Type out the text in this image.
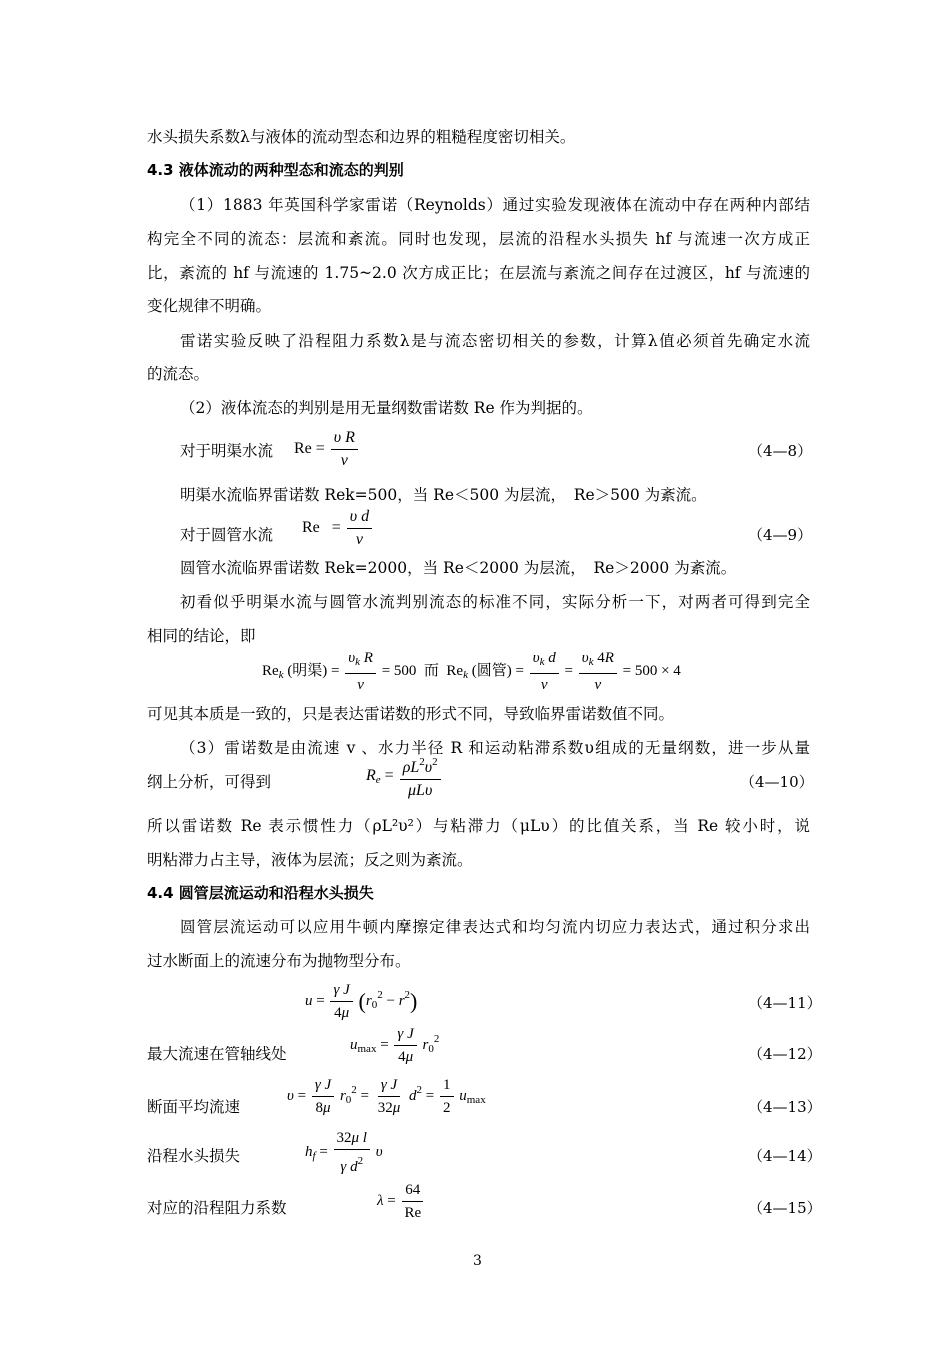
水头损失系数λ与液体的流动型态和边界的粗糙程度密切相关。
4.3 液体流动的两种型态和流态的判别
（1）1883 年英国科学家雷诺（Reynolds）通过实验发现液体在流动中存在两种内部结
构完全不同的流态：层流和紊流。同时也发现，层流的沿程水头损失 hf 与流速一次方成正
比，紊流的 hf 与流速的 1.75~2.0 次方成正比；在层流与紊流之间存在过渡区，hf 与流速的
变化规律不明确。
雷诺实验反映了沿程阻力系数λ是与流态密切相关的参数，计算λ值必须首先确定水流
的流态。
（2）液体流态的判别是用无量纲数雷诺数 Re 作为判据的。
对于明渠水流 $Re = \frac{\text{υ R}}{v}$	（4—8）
明渠水流临界雷诺数 Rek=500，当 Re＜500 为层流，　Re＞500 为紊流。
对于圆管水流 $Re = \frac{\text{υ d}}{v}$	（4—9）
圆管水流临界雷诺数 Rek=2000，当 Re＜2000 为层流，　Re＞2000 为紊流。
初看似乎明渠水流与圆管水流判别流态的标准不同，实际分析一下，对两者可得到完全
相同的结论，即
$Re_k$ (明渠) = $\frac{\upsilon_k R}{v} = 500$  而  $Re_k$ (圆管) = $\frac{\upsilon_k d}{v} = \frac{\upsilon_k 4R}{v} = 500 \times 4$
可见其本质是一致的，只是表达雷诺数的形式不同，导致临界雷诺数值不同。
（3）雷诺数是由流速 v 、水力半径 R 和运动粘滞系数υ组成的无量纲数，进一步从量
纲上分析，可得到	$R_e = \frac{\rho L^2\upsilon^2}{\text{μLυ}}$	（4—10）
所以雷诺数 Re 表示惯性力（ρL²υ²）与粘滞力（μLυ）的比值关系，当 Re 较小时，说
明粘滞力占主导，液体为层流；反之则为紊流。
4.4 圆管层流运动和沿程水头损失
圆管层流运动可以应用牛顿内摩擦定律表达式和均匀流内切应力表达式，通过积分求出
过水断面上的流速分布为抛物型分布。
$u = \frac{\text{γ J}}{4\mu} (r_0^2 - r^2)$	（4—11）
最大流速在管轴线处
$u_{max} = \frac{\text{γ J}}{4\mu} r_0^2$
（4—12）
断面平均流速
$\upsilon = \frac{\text{γ J}}{8\mu} r_0^2 = \frac{\text{γ J}}{32\mu} d^2 = \frac{1}{2} u_{max}$	（4—13）
沿程水头损失	$h_f = \frac{\text{32μ l}}{\gamma d^2}$ υ	（4—14）
对应的沿程阻力系数	$\lambda = \frac{64}{Re}$	（4—15）
3
